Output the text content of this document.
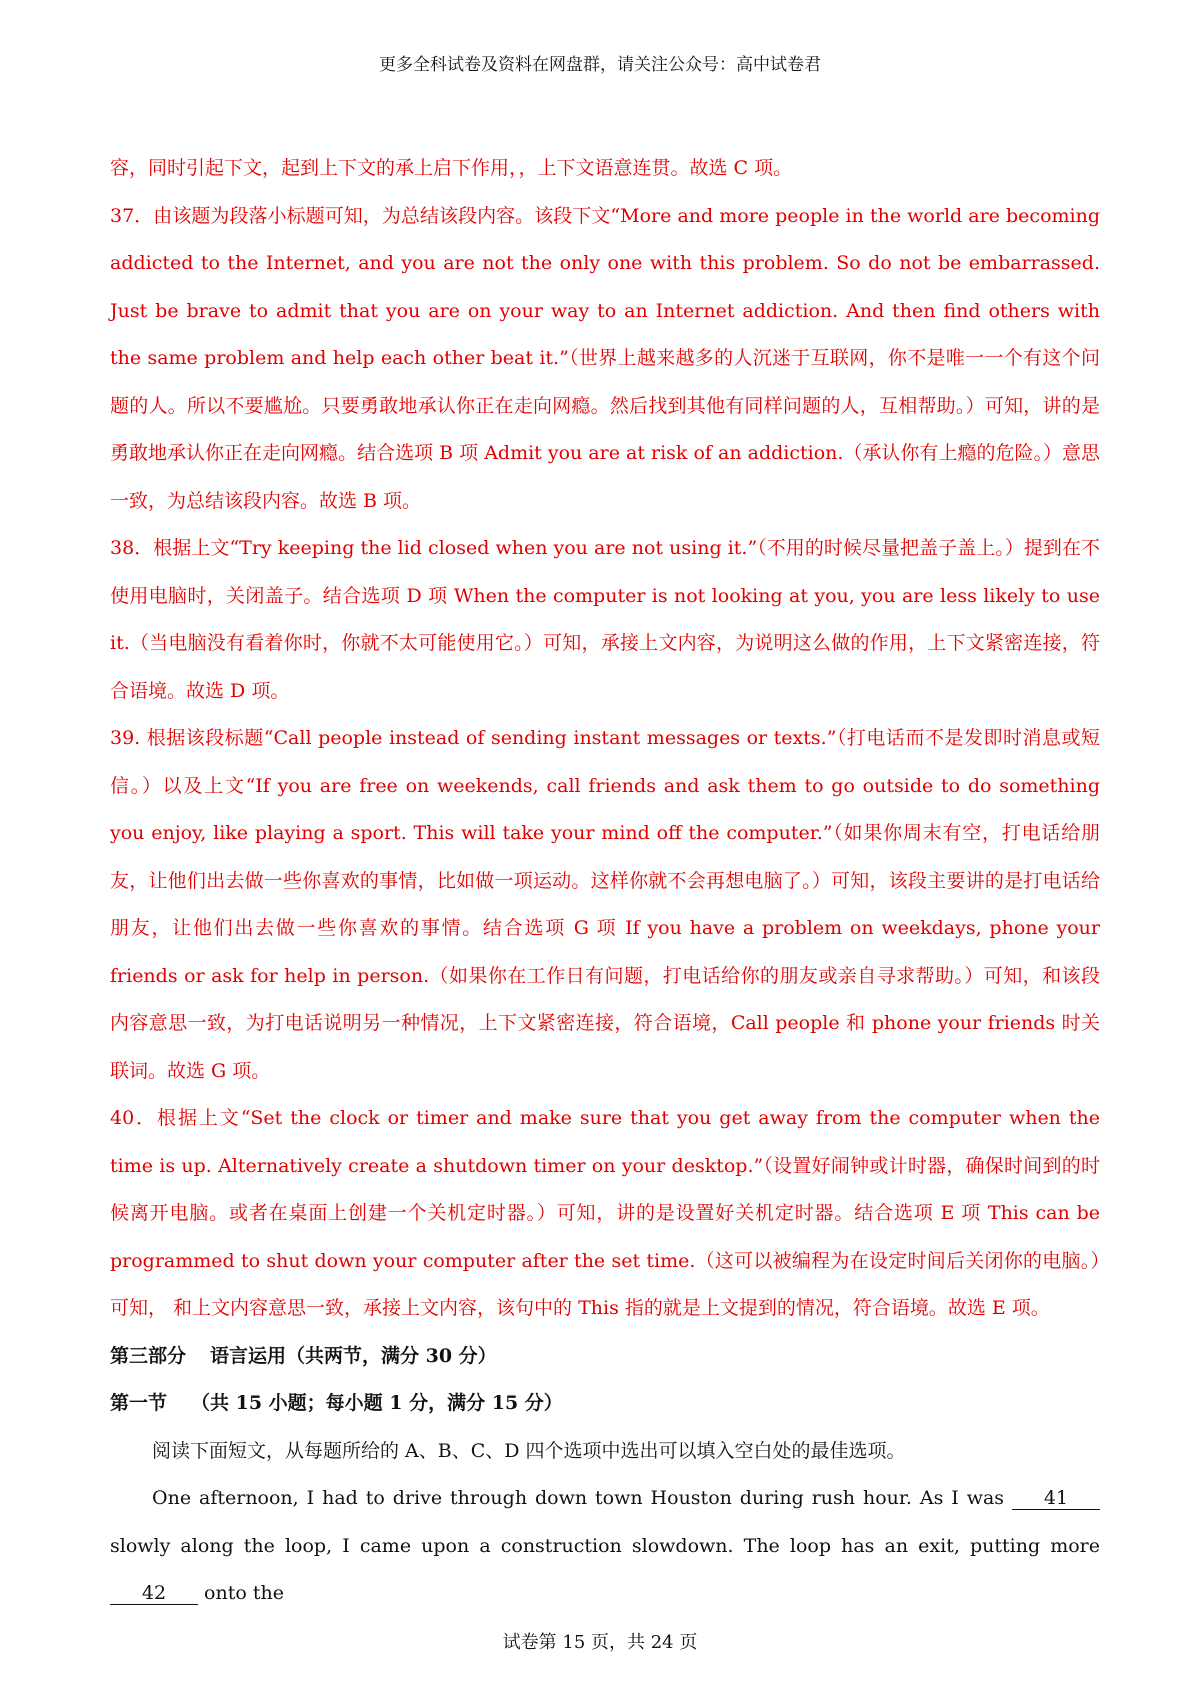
更多全科试卷及资料在网盘群，请关注公众号：高中试卷君

容，同时引起下文，起到上下文的承上启下作用，，上下文语意连贯。故选 C 项。

37．由该题为段落小标题可知，为总结该段内容。该段下文“More and more people in the world are becoming addicted to the Internet, and you are not the only one with this problem. So do not be embarrassed. Just be brave to admit that you are on your way to an Internet addiction. And then find others with the same problem and help each other beat it.”（世界上越来越多的人沉迷于互联网，你不是唯一一个有这个问题的人。所以不要尴尬。只要勇敢地承认你正在走向网瘾。然后找到其他有同样问题的人，互相帮助。）可知，讲的是勇敢地承认你正在走向网瘾。结合选项 B 项 Admit you are at risk of an addiction.（承认你有上瘾的危险。）意思一致，为总结该段内容。故选 B 项。

38．根据上文“Try keeping the lid closed when you are not using it.”（不用的时候尽量把盖子盖上。）提到在不使用电脑时，关闭盖子。结合选项 D 项 When the computer is not looking at you, you are less likely to use it.（当电脑没有看着你时，你就不太可能使用它。）可知，承接上文内容，为说明这么做的作用，上下文紧密连接，符合语境。故选 D 项。

39. 根据该段标题“Call people instead of sending instant messages or texts.”（打电话而不是发即时消息或短信。）以及上文“If you are free on weekends, call friends and ask them to go outside to do something you enjoy, like playing a sport. This will take your mind off the computer.”（如果你周末有空，打电话给朋友，让他们出去做一些你喜欢的事情，比如做一项运动。这样你就不会再想电脑了。）可知，该段主要讲的是打电话给朋友，让他们出去做一些你喜欢的事情。结合选项 G 项 If you have a problem on weekdays, phone your friends or ask for help in person.（如果你在工作日有问题，打电话给你的朋友或亲自寻求帮助。）可知，和该段内容意思一致，为打电话说明另一种情况，上下文紧密连接，符合语境，Call people 和 phone your friends 时关联词。故选 G 项。

40．根据上文“Set the clock or timer and make sure that you get away from the computer when the time is up. Alternatively create a shutdown timer on your desktop.”（设置好闹钟或计时器，确保时间到的时候离开电脑。或者在桌面上创建一个关机定时器。）可知，讲的是设置好关机定时器。结合选项 E 项 This can be programmed to shut down your computer after the set time.（这可以被编程为在设定时间后关闭你的电脑。）可知， 和上文内容意思一致，承接上文内容，该句中的 This 指的就是上文提到的情况，符合语境。故选 E 项。

第三部分 语言运用（共两节，满分 30 分）

第一节 （共 15 小题；每小题 1 分，满分 15 分）

阅读下面短文，从每题所给的 A、B、C、D 四个选项中选出可以填入空白处的最佳选项。

One afternoon, I had to drive through down town Houston during rush hour. As I was 41 slowly along the loop, I came upon a construction slowdown. The loop has an exit, putting more 42 onto the

试卷第 15 页，共 24 页
